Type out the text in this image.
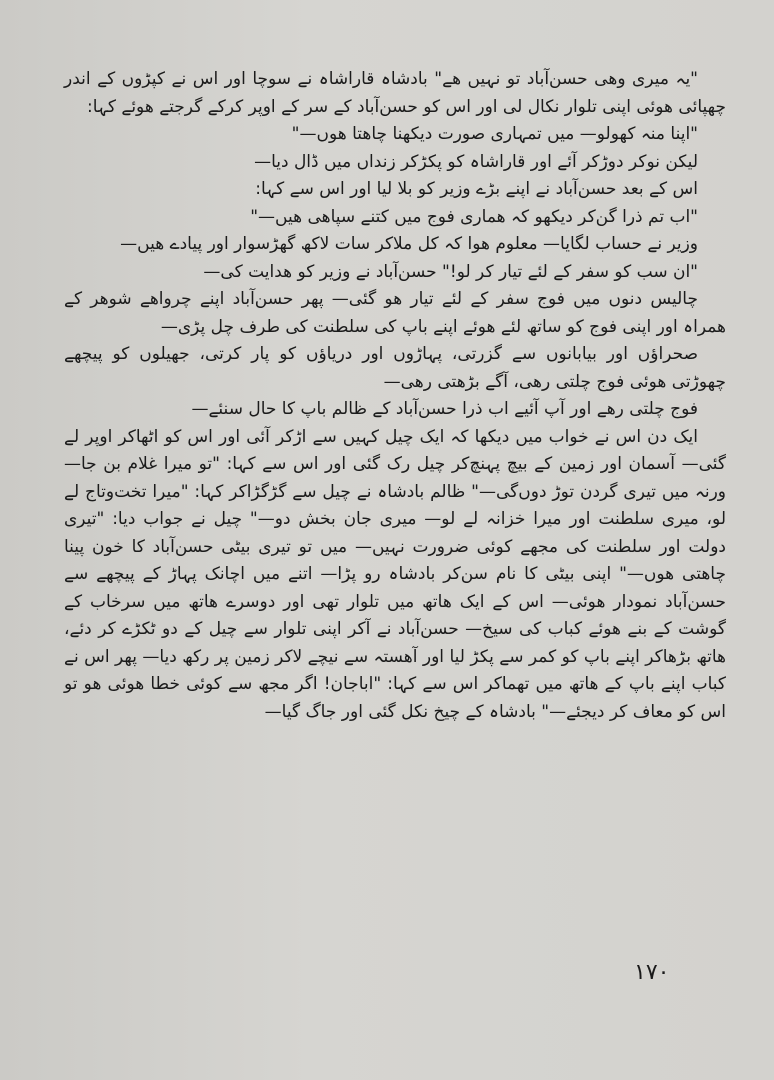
"یہ میری وھی حسن‌آباد تو نہیں ھے" بادشاہ قاراشاہ نے سوچا اور اس نے کپڑوں کے اندر چھپائی ھوئی اپنی تلوار نکال لی اور اس کو حسن‌آباد کے سر کے اوپر کرکے گرجتے ھوئے کہا:

"اپنا منہ کھولو— میں تمہاری صورت دیکھنا چاھتا ھوں—"

لیکن نوکر دوڑکر آئے اور قاراشاہ کو پکڑکر زنداں میں ڈال دیا—

اس کے بعد حسن‌آباد نے اپنے بڑے وزیر کو بلا لیا اور اس سے کہا:

"اب تم ذرا گن‌کر دیکھو کہ ھماری فوج میں کتنے سپاھی ھیں—"

وزیر نے حساب لگایا— معلوم ھوا کہ کل ملاکر سات لاکھ گھڑسوار اور پیادے ھیں—

"ان سب کو سفر کے لئے تیار کر لو!" حسن‌آباد نے وزیر کو ھدایت کی—

چالیس دنوں میں فوج سفر کے لئے تیار ھو گئی— پھر حسن‌آباد اپنے چرواھے شوھر کے ھمراہ اور اپنی فوج کو ساتھ لئے ھوئے اپنے باپ کی سلطنت کی طرف چل پڑی—

صحراؤں اور بیابانوں سے گزرتی، پہاڑوں اور دریاؤں کو پار کرتی، جھیلوں کو پیچھے چھوڑتی ھوئی فوج چلتی رھی، آگے بڑھتی رھی—

فوج چلتی رھے اور آپ آئیے اب ذرا حسن‌آباد کے ظالم باپ کا حال سنئے—

ایک دن اس نے خواب میں دیکھا کہ ایک چیل کہیں سے اڑکر آئی اور اس کو اٹھاکر اوپر لے گئی— آسمان اور زمین کے بیچ پہنچ‌کر چیل رک گئی اور اس سے کہا: "تو میرا غلام بن جا— ورنہ میں تیری گردن توڑ دوں‌گی—" ظالم بادشاہ نے چیل سے گڑگڑاکر کہا: "میرا تخت‌و‌تاج لے لو، میری سلطنت اور میرا خزانہ لے لو— میری جان بخش دو—" چیل نے جواب دیا: "تیری دولت اور سلطنت کی مجھے کوئی ضرورت نہیں— میں تو تیری بیٹی حسن‌آباد کا خون پینا چاھتی ھوں—" اپنی بیٹی کا نام سن‌کر بادشاہ رو پڑا— اتنے میں اچانک پہاڑ کے پیچھے سے حسن‌آباد نمودار ھوئی— اس کے ایک ھاتھ میں تلوار تھی اور دوسرے ھاتھ میں سرخاب کے گوشت کے بنے ھوئے کباب کی سیخ— حسن‌آباد نے آکر اپنی تلوار سے چیل کے دو ٹکڑے کر دئے، ھاتھ بڑھاکر اپنے باپ کو کمر سے پکڑ لیا اور آھستہ سے نیچے لاکر زمین پر رکھ دیا— پھر اس نے کباب اپنے باپ کے ھاتھ میں تھماکر اس سے کہا: "اباجان! اگر مجھ سے کوئی خطا ھوئی ھو تو اس کو معاف کر دیجئے—" بادشاہ کے چیخ نکل گئی اور جاگ گیا—

۱۷۰
